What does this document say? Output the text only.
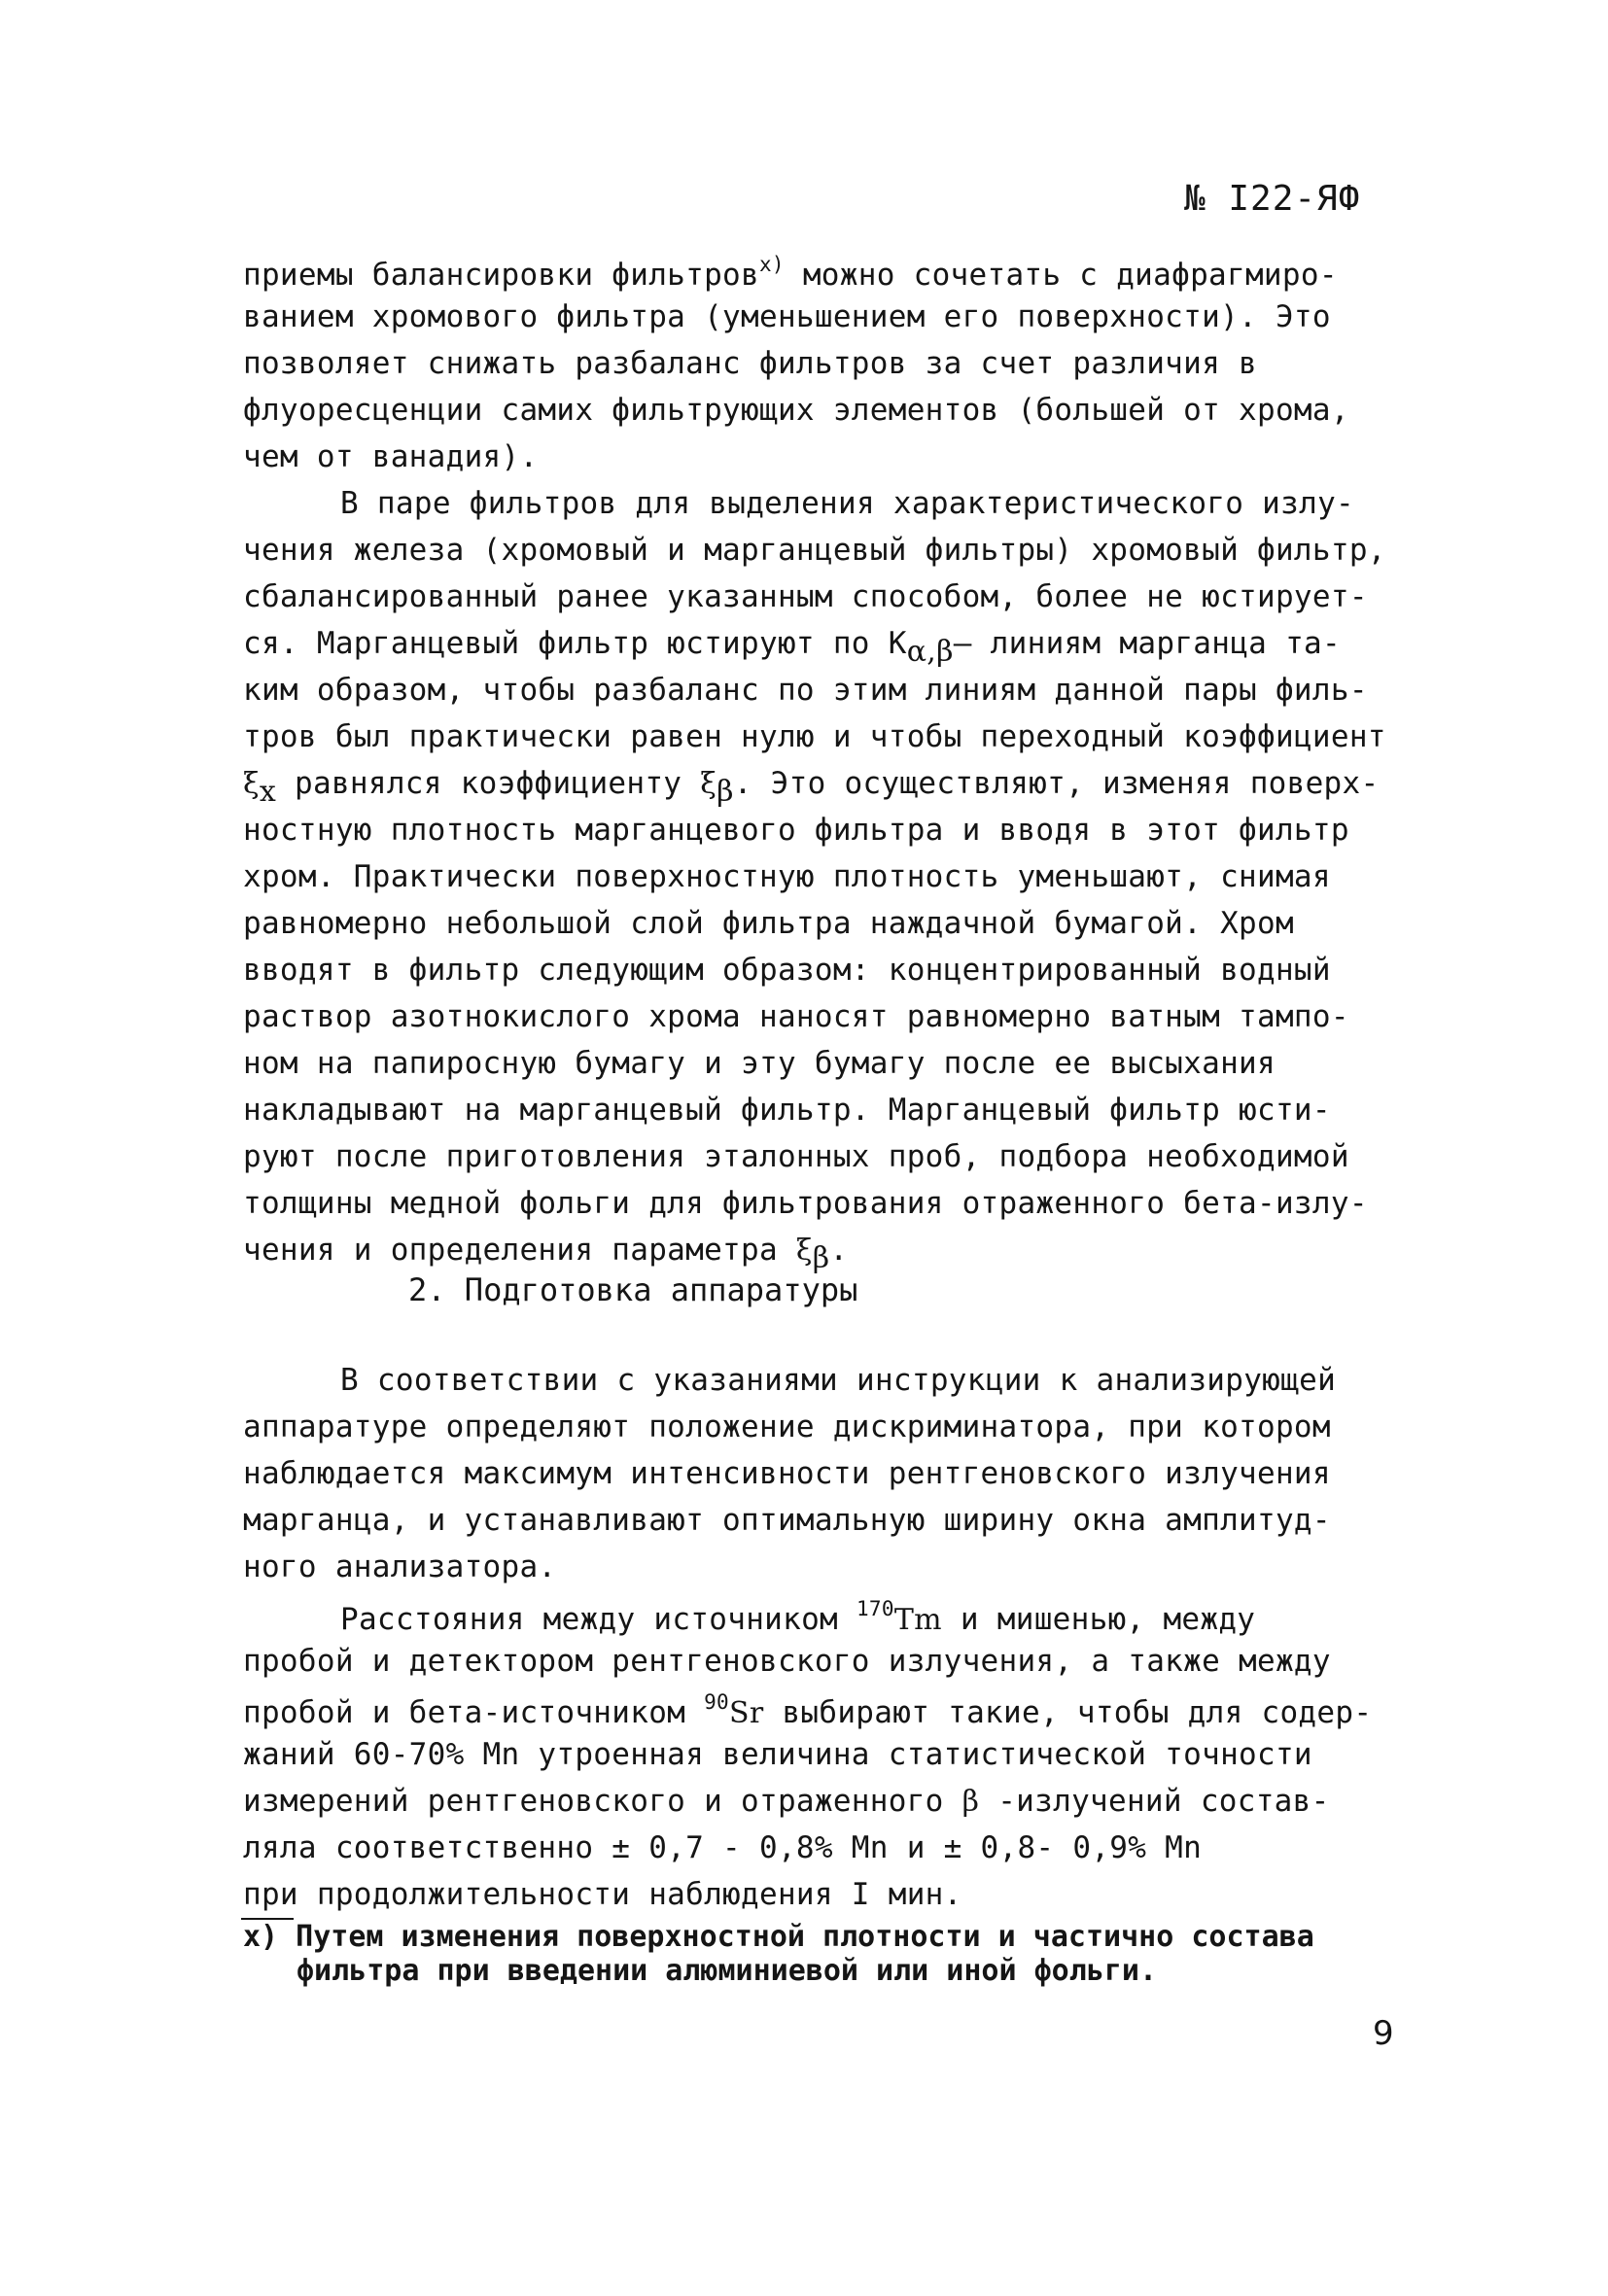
№ I22-ЯФ
приемы балансировки фильтров$^{x)}$ можно сочетать с диафрагмиро-
ванием хромового фильтра (уменьшением его поверхности). Это
позволяет снижать разбаланс фильтров за счет различия в
флуоресценции самих фильтрующих элементов (большей от хрома,
чем от ванадия).
В паре фильтров для выделения характеристического излу-
чения железа (хромовый и марганцевый фильтры) хромовый фильтр,
сбалансированный ранее указанным способом, более не юстирует-
ся. Марганцевый фильтр юстируют по Kα,β– линиям марганца та-
ким образом, чтобы разбаланс по этим линиям данной пары филь-
тров был практически равен нулю и чтобы переходный коэффициент
ξx равнялся коэффициенту ξβ. Это осуществляют, изменяя поверх-
ностную плотность марганцевого фильтра и вводя в этот фильтр
хром. Практически поверхностную плотность уменьшают, снимая
равномерно небольшой слой фильтра наждачной бумагой. Хром
вводят в фильтр следующим образом: концентрированный водный
раствор азотнокислого хрома наносят равномерно ватным тампо-
ном на папиросную бумагу и эту бумагу после ее высыхания
накладывают на марганцевый фильтр. Марганцевый фильтр юсти-
руют после приготовления эталонных проб, подбора необходимой
толщины медной фольги для фильтрования отраженного бета-излу-
чения и определения параметра ξβ.
2. Подготовка аппаратуры
В соответствии с указаниями инструкции к анализирующей
аппаратуре определяют положение дискриминатора, при котором
наблюдается максимум интенсивности рентгеновского излучения
марганца, и устанавливают оптимальную ширину окна амплитуд-
ного анализатора.
Расстояния между источником $^{170}$Tm и мишенью, между
пробой и детектором рентгеновского излучения, а также между
пробой и бета-источником $^{90}$Sr выбирают такие, чтобы для содер-
жаний 60-70% Mn утроенная величина статистической точности
измерений рентгеновского и отраженного β -излучений состав-
ляла соответственно ± 0,7 - 0,8% Mn и ± 0,8- 0,9% Mn
при продолжительности наблюдения I мин.
x) Путем изменения поверхностной плотности и частично состава
фильтра при введении алюминиевой или иной фольги.
9
